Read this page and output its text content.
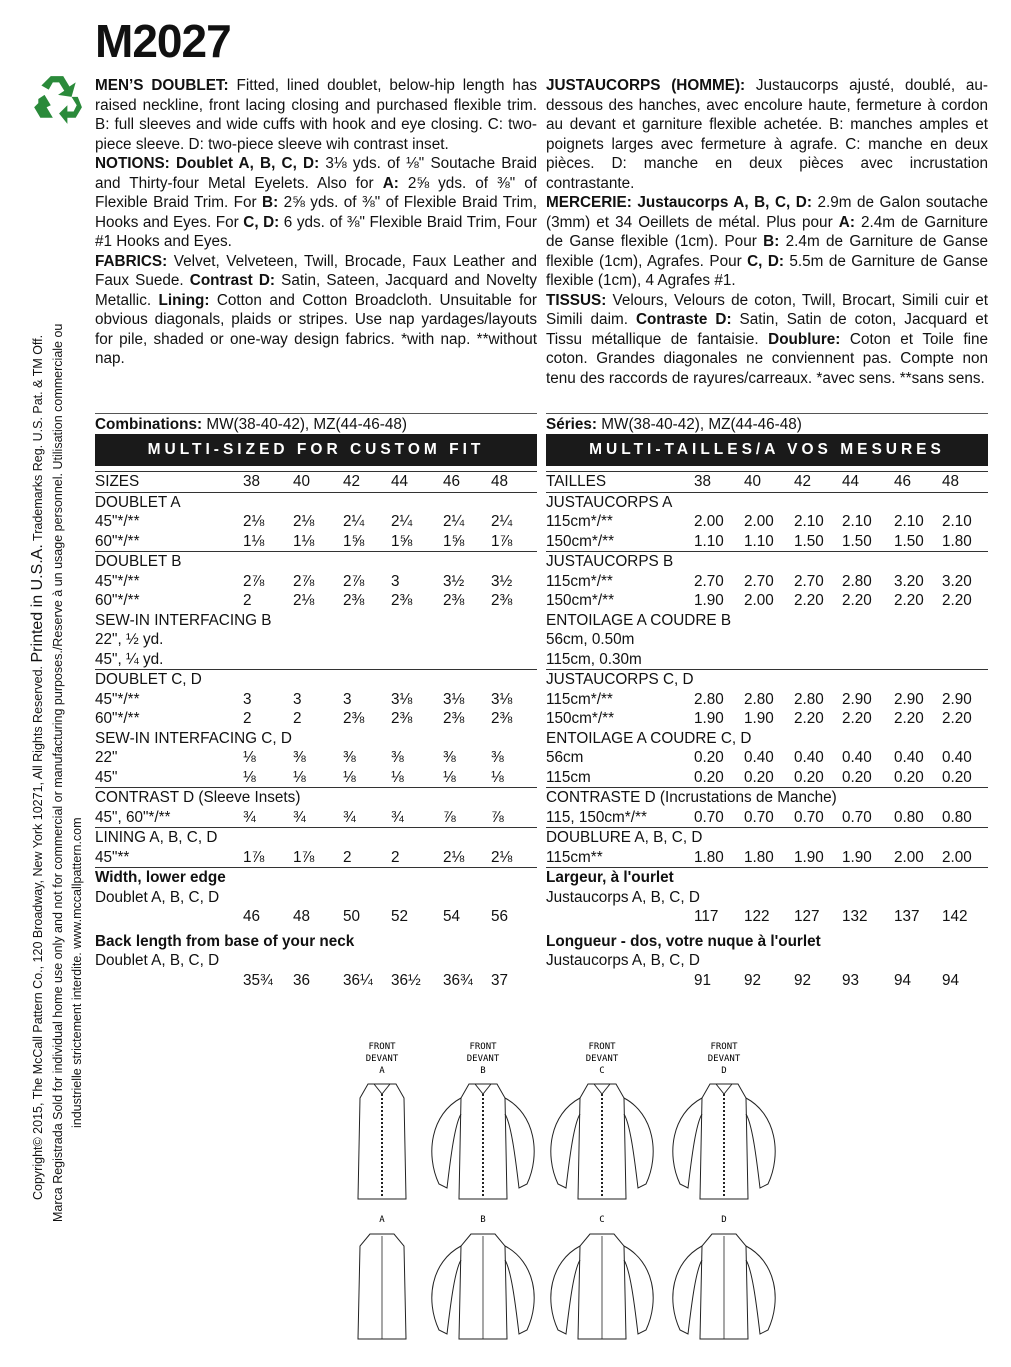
Copyright© 2015, The McCall Pattern Co., 120 Broadway, New York 10271, All Rights Reserved. Printed in U.S.A. Trademarks Reg. U.S. Pat. & TM Off. Marca Registrada Sold for individual home use only and not for commercial or manufacturing purposes./Reserve à un usage personnel. Utilisation commerciale ou industrielle strictement interdite. www.mccallpattern.com
M2027

MEN’S DOUBLET: Fitted, lined doublet, below-hip length has raised neckline, front lacing closing and purchased flexible trim. B: full sleeves and wide cuffs with hook and eye closing. C: two-piece sleeve. D: two-piece sleeve wih contrast inset.

NOTIONS: Doublet A, B, C, D: 3⅛ yds. of ⅛" Soutache Braid and Thirty-four Metal Eyelets. Also for A: 2⅝ yds. of ⅜" of Flexible Braid Trim. For B: 2⅝ yds. of ⅜" of Flexible Braid Trim, Hooks and Eyes. For C, D: 6 yds. of ⅜" Flexible Braid Trim, Four #1 Hooks and Eyes.

FABRICS: Velvet, Velveteen, Twill, Brocade, Faux Leather and Faux Suede. Contrast D: Satin, Sateen, Jacquard and Novelty Metallic. Lining: Cotton and Cotton Broadcloth. Unsuitable for obvious diagonals, plaids or stripes. Use nap yardages/layouts for pile, shaded or one-way design fabrics. *with nap. **without nap.

JUSTAUCORPS (HOMME): Justaucorps ajusté, doublé, au-dessous des hanches, avec encolure haute, fermeture à cordon au devant et garniture flexible achetée. B: manches amples et poignets larges avec fermeture à agrafe. C: manche en deux pièces. D: manche en deux pièces avec incrustation contrastante.

MERCERIE: Justaucorps A, B, C, D: 2.9m de Galon soutache (3mm) et 34 Oeillets de métal. Plus pour A: 2.4m de Garniture de Ganse flexible (1cm). Pour B: 2.4m de Garniture de Ganse flexible (1cm), Agrafes. Pour C, D: 5.5m de Garniture de Ganse flexible (1cm), 4 Agrafes #1.

TISSUS: Velours, Velours de coton, Twill, Brocart, Simili cuir et Simili daim. Contraste D: Satin, Satin de coton, Jacquard et Tissu métallique de fantaisie. Doublure: Coton et Toile fine coton. Grandes diagonales ne conviennent pas. Compte non tenu des raccords de rayures/carreaux. *avec sens. **sans sens.

Combinations: MW(38-40-42), MZ(44-46-48)	Séries: MW(38-40-42), MZ(44-46-48)
MULTI-SIZED FOR CUSTOM FIT	MULTI-TAILLES/A VOS MESURES
SIZES	38 40 42 44 46 48
DOUBLET A
45"*/**	2⅛ 2⅛ 2¼ 2¼ 2¼ 2¼
60"*/**	1⅛ 1⅛ 1⅝ 1⅝ 1⅝ 1⅞
DOUBLET B
45"*/**	2⅞ 2⅞ 2⅞ 3	3½ 3½
60"*/**	2	2⅛ 2⅜ 2⅜ 2⅜ 2⅜
SEW-IN INTERFACING B
22", ½ yd.
45", ¼ yd.
DOUBLET C, D
45"*/**	3	3	3	3⅛ 3⅛ 3⅛
60"*/**	2	2	2⅜ 2⅜ 2⅜ 2⅜
SEW-IN INTERFACING C, D
22"	⅛ ⅜ ⅜ ⅜	⅜ ⅜
45"	⅛ ⅛ ⅛ ⅛	⅛ ⅛
CONTRAST D (Sleeve Insets)
45", 60"*/**	¾ ¾ ¾ ¾	⅞ ⅞
LINING A, B, C, D
45"**	1⅞ 1⅞ 2	2	2⅛ 2⅛
Width, lower edge
Doublet A, B, C, D
46 48 50 52 54 56
Back length from base of your neck
Doublet A, B, C, D
35¾ 36 36¼ 36½ 36¾ 37
TAILLES	38 40 42 44 46 48
JUSTAUCORPS A
115cm*/**	2.00 2.00 2.10 2.10 2.10 2.10
150cm*/**	1.10 1.10 1.50 1.50 1.50 1.80
JUSTAUCORPS B
115cm*/**	2.70 2.70 2.70 2.80 3.20 3.20
150cm*/**	1.90 2.00 2.20 2.20 2.20 2.20
ENTOILAGE A COUDRE B
56cm, 0.50m
115cm, 0.30m
JUSTAUCORPS C, D
115cm*/**	2.80 2.80 2.80 2.90 2.90 2.90
150cm*/**	1.90 1.90 2.20 2.20 2.20 2.20
ENTOILAGE A COUDRE C, D
56cm	0.20 0.40 0.40 0.40 0.40 0.40
115cm	0.20 0.20 0.20 0.20 0.20 0.20
CONTRASTE D (Incrustations de Manche)
115, 150cm*/**	0.70 0.70 0.70 0.70 0.80 0.80
DOUBLURE A, B, C, D
115cm**	1.80 1.80 1.90 1.90 2.00 2.00
Largeur, à l'ourlet
Justaucorps A, B, C, D
117 122 127 132 137 142
Longueur - dos, votre nuque à l'ourlet
Justaucorps A, B, C, D
91 92 92 93 94 94
FRONT
DEVANT
A
FRONT
DEVANT
B
FRONT
DEVANT
C
FRONT
DEVANT
D
A	B	C	D
